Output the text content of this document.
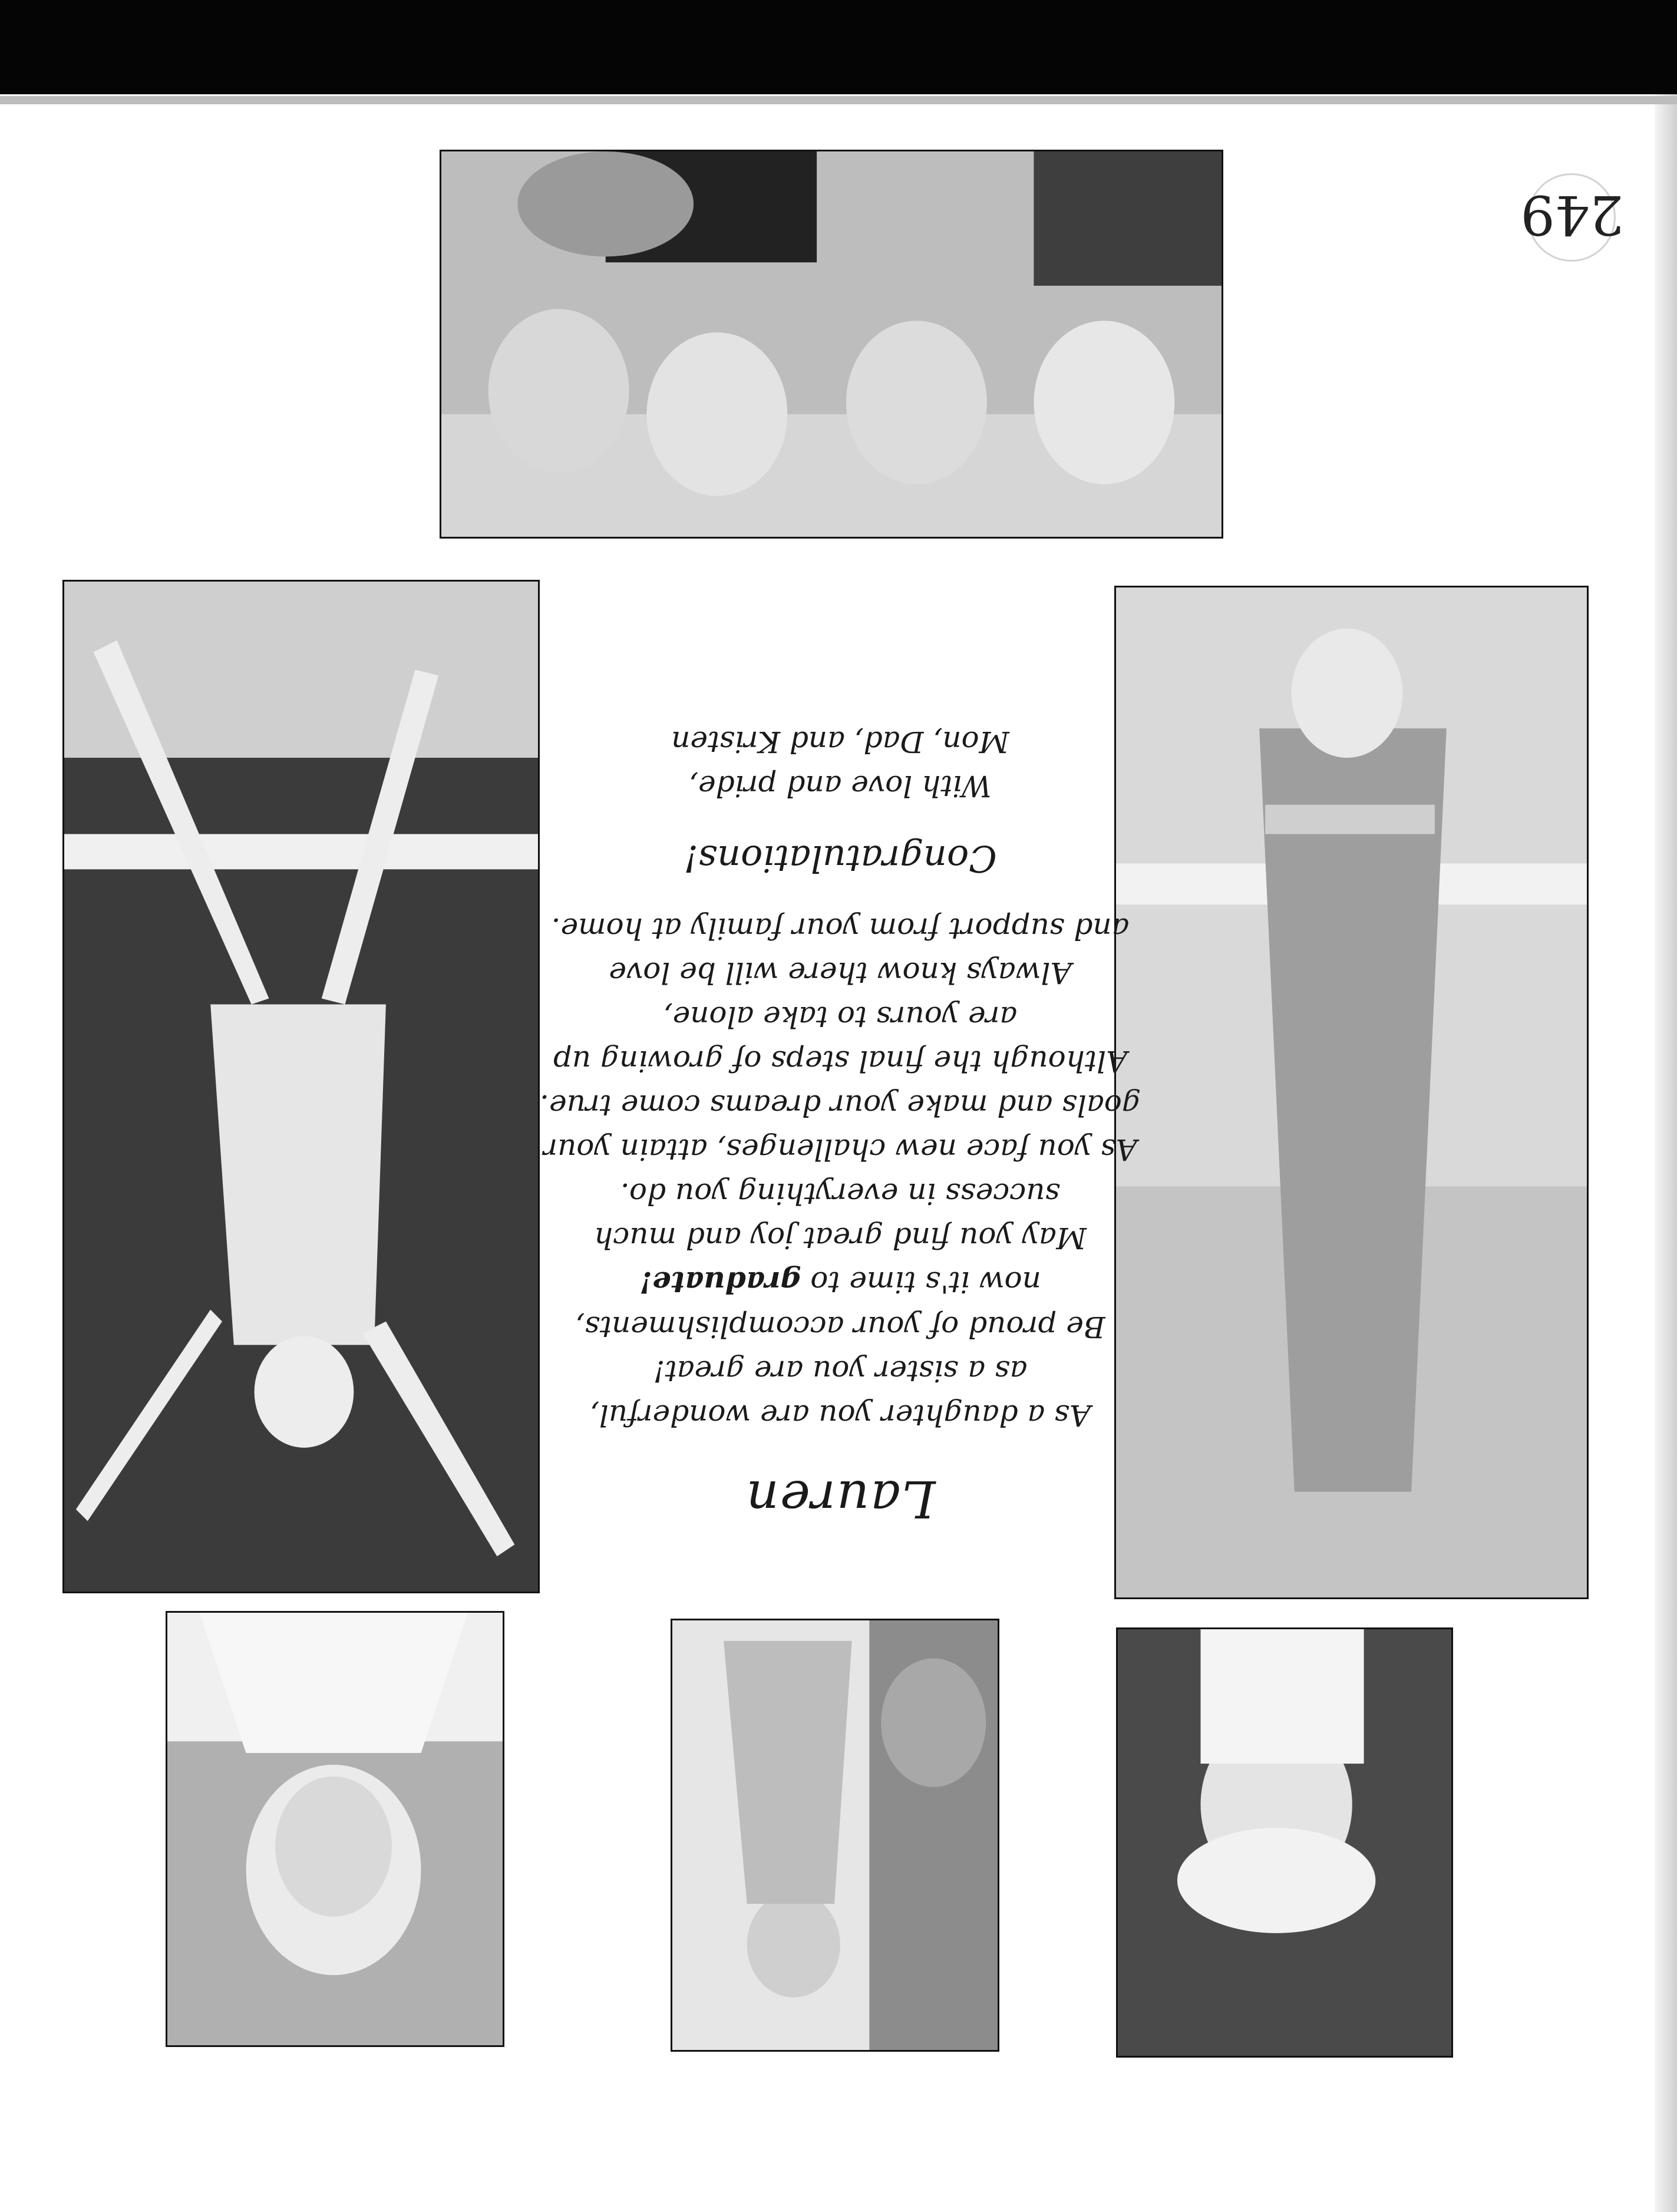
Lauren
As a daughter you are wonderful,
as a sister you are great!
Be proud of your accomplishments,
now it's time to graduate!
May you find great joy and much
success in everything you do.
As you face new challenges, attain your
goals and make your dreams come true.
Although the final steps of growing up
are yours to take alone,
Always know there will be love
and support from your family at home.
Congratulations!
With love and pride,
Mon, Dad, and Kristen
249
